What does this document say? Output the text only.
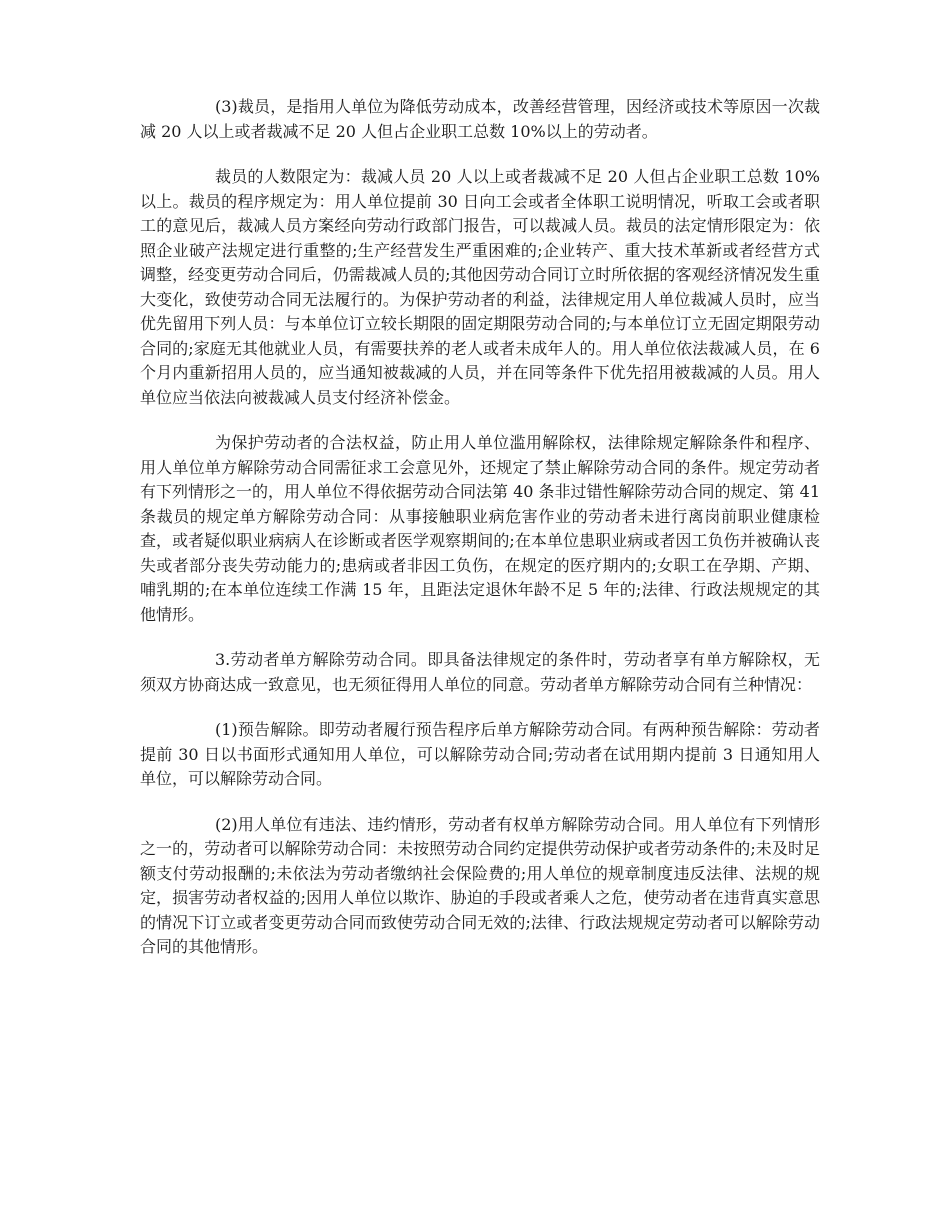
(3)裁员，是指用人单位为降低劳动成本，改善经营管理，因经济或技术等原因一次裁减 20 人以上或者裁减不足 20 人但占企业职工总数 10%以上的劳动者。

裁员的人数限定为：裁减人员 20 人以上或者裁减不足 20 人但占企业职工总数 10%以上。裁员的程序规定为：用人单位提前 30 日向工会或者全体职工说明情况，听取工会或者职工的意见后，裁减人员方案经向劳动行政部门报告，可以裁减人员。裁员的法定情形限定为：依照企业破产法规定进行重整的;生产经营发生严重困难的;企业转产、重大技术革新或者经营方式调整，经变更劳动合同后，仍需裁减人员的;其他因劳动合同订立时所依据的客观经济情况发生重大变化，致使劳动合同无法履行的。为保护劳动者的利益，法律规定用人单位裁减人员时，应当优先留用下列人员：与本单位订立较长期限的固定期限劳动合同的;与本单位订立无固定期限劳动合同的;家庭无其他就业人员，有需要扶养的老人或者未成年人的。用人单位依法裁减人员，在 6 个月内重新招用人员的，应当通知被裁减的人员，并在同等条件下优先招用被裁减的人员。用人单位应当依法向被裁减人员支付经济补偿金。

为保护劳动者的合法权益，防止用人单位滥用解除权，法律除规定解除条件和程序、用人单位单方解除劳动合同需征求工会意见外，还规定了禁止解除劳动合同的条件。规定劳动者有下列情形之一的，用人单位不得依据劳动合同法第 40 条非过错性解除劳动合同的规定、第 41 条裁员的规定单方解除劳动合同：从事接触职业病危害作业的劳动者未进行离岗前职业健康检查，或者疑似职业病病人在诊断或者医学观察期间的;在本单位患职业病或者因工负伤并被确认丧失或者部分丧失劳动能力的;患病或者非因工负伤，在规定的医疗期内的;女职工在孕期、产期、哺乳期的;在本单位连续工作满 15 年，且距法定退休年龄不足 5 年的;法律、行政法规规定的其他情形。

3.劳动者单方解除劳动合同。即具备法律规定的条件时，劳动者享有单方解除权，无须双方协商达成一致意见，也无须征得用人单位的同意。劳动者单方解除劳动合同有兰种情况：

(1)预告解除。即劳动者履行预告程序后单方解除劳动合同。有两种预告解除：劳动者提前 30 日以书面形式通知用人单位，可以解除劳动合同;劳动者在试用期内提前 3 日通知用人单位，可以解除劳动合同。

(2)用人单位有违法、违约情形，劳动者有权单方解除劳动合同。用人单位有下列情形之一的，劳动者可以解除劳动合同：未按照劳动合同约定提供劳动保护或者劳动条件的;未及时足额支付劳动报酬的;未依法为劳动者缴纳社会保险费的;用人单位的规章制度违反法律、法规的规定，损害劳动者权益的;因用人单位以欺诈、胁迫的手段或者乘人之危，使劳动者在违背真实意思的情况下订立或者变更劳动合同而致使劳动合同无效的;法律、行政法规规定劳动者可以解除劳动合同的其他情形。
